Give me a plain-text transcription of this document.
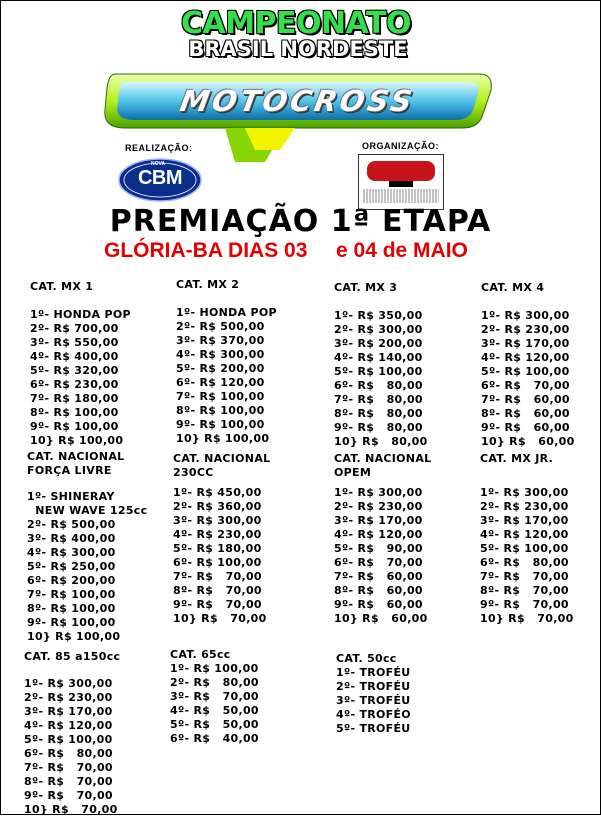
CAMPEONATO
BRASIL NORDESTE
MOTOCROSS
REALIZAÇÃO:	ORGANIZAÇÃO:
NOVA
CBM
PREMIAÇÃO 1ª ETAPA
GLÓRIA-BA DIAS 03 e 04 de MAIO
CAT. MX 1
1º- HONDA POP
2º- R$ 700,00
3º- R$ 550,00
4º- R$ 400,00
5º- R$ 320,00
6º- R$ 230,00
7º- R$ 180,00
8º- R$ 100,00
9º- R$ 100,00
10} R$ 100,00
CAT. MX 2
1º- HONDA POP
2º- R$ 500,00
3º- R$ 370,00
4º- R$ 300,00
5º- R$ 200,00
6º- R$ 120,00
7º- R$ 100,00
8º- R$ 100,00
9º- R$ 100,00
10} R$ 100,00
CAT. MX 3
1º- R$ 350,00
2º- R$ 300,00
3º- R$ 200,00
4º- R$ 140,00
5º- R$ 100,00
6º- R$   80,00
7º- R$   80,00
8º- R$   80,00
9º- R$   80,00
10} R$   80,00
CAT. MX 4
1º- R$ 300,00
2º- R$ 230,00
3º- R$ 170,00
4º- R$ 120,00
5º- R$ 100,00
6º- R$   70,00
7º- R$   60,00
8º- R$   60,00
9º- R$   60,00
10} R$   60,00
CAT. NACIONAL
FORÇA LIVRE
1º- SHINERAY
NEW WAVE 125cc
2º- R$ 500,00
3º- R$ 400,00
4º- R$ 300,00
5º- R$ 250,00
6º- R$ 200,00
7º- R$ 100,00
8º- R$ 100,00
9º- R$ 100,00
10} R$ 100,00
CAT. NACIONAL
230CC
1º- R$ 450,00
2º- R$ 360,00
3º- R$ 300,00
4º- R$ 230,00
5º- R$ 180,00
6º- R$ 100,00
7º- R$   70,00
8º- R$   70,00
9º- R$   70,00
10} R$   70,00
CAT. NACIONAL
OPEM
1º- R$ 300,00
2º- R$ 230,00
3º- R$ 170,00
4º- R$ 120,00
5º- R$   90,00
6º- R$   70,00
7º- R$   60,00
8º- R$   60,00
9º- R$   60,00
10} R$   60,00
CAT. MX JR.
1º- R$ 300,00
2º- R$ 230,00
3º- R$ 170,00
4º- R$ 120,00
5º- R$ 100,00
6º- R$   80,00
7º- R$   70,00
8º- R$   70,00
9º- R$   70,00
10} R$   70,00
CAT. 85 a150cc
1º- R$ 300,00
2º- R$ 230,00
3º- R$ 170,00
4º- R$ 120,00
5º- R$ 100,00
6º- R$   80,00
7º- R$   70,00
8º- R$   70,00
9º- R$   70,00
10} R$   70,00
CAT. 65cc
1º- R$ 100,00
2º- R$   80,00
3º- R$   70,00
4º- R$   50,00
5º- R$   50,00
6º- R$   40,00
CAT. 50cc
1º- TROFÉU
2º- TROFÉU
3º- TROFÉU
4º- TROFÉO
5º- TROFÉU
